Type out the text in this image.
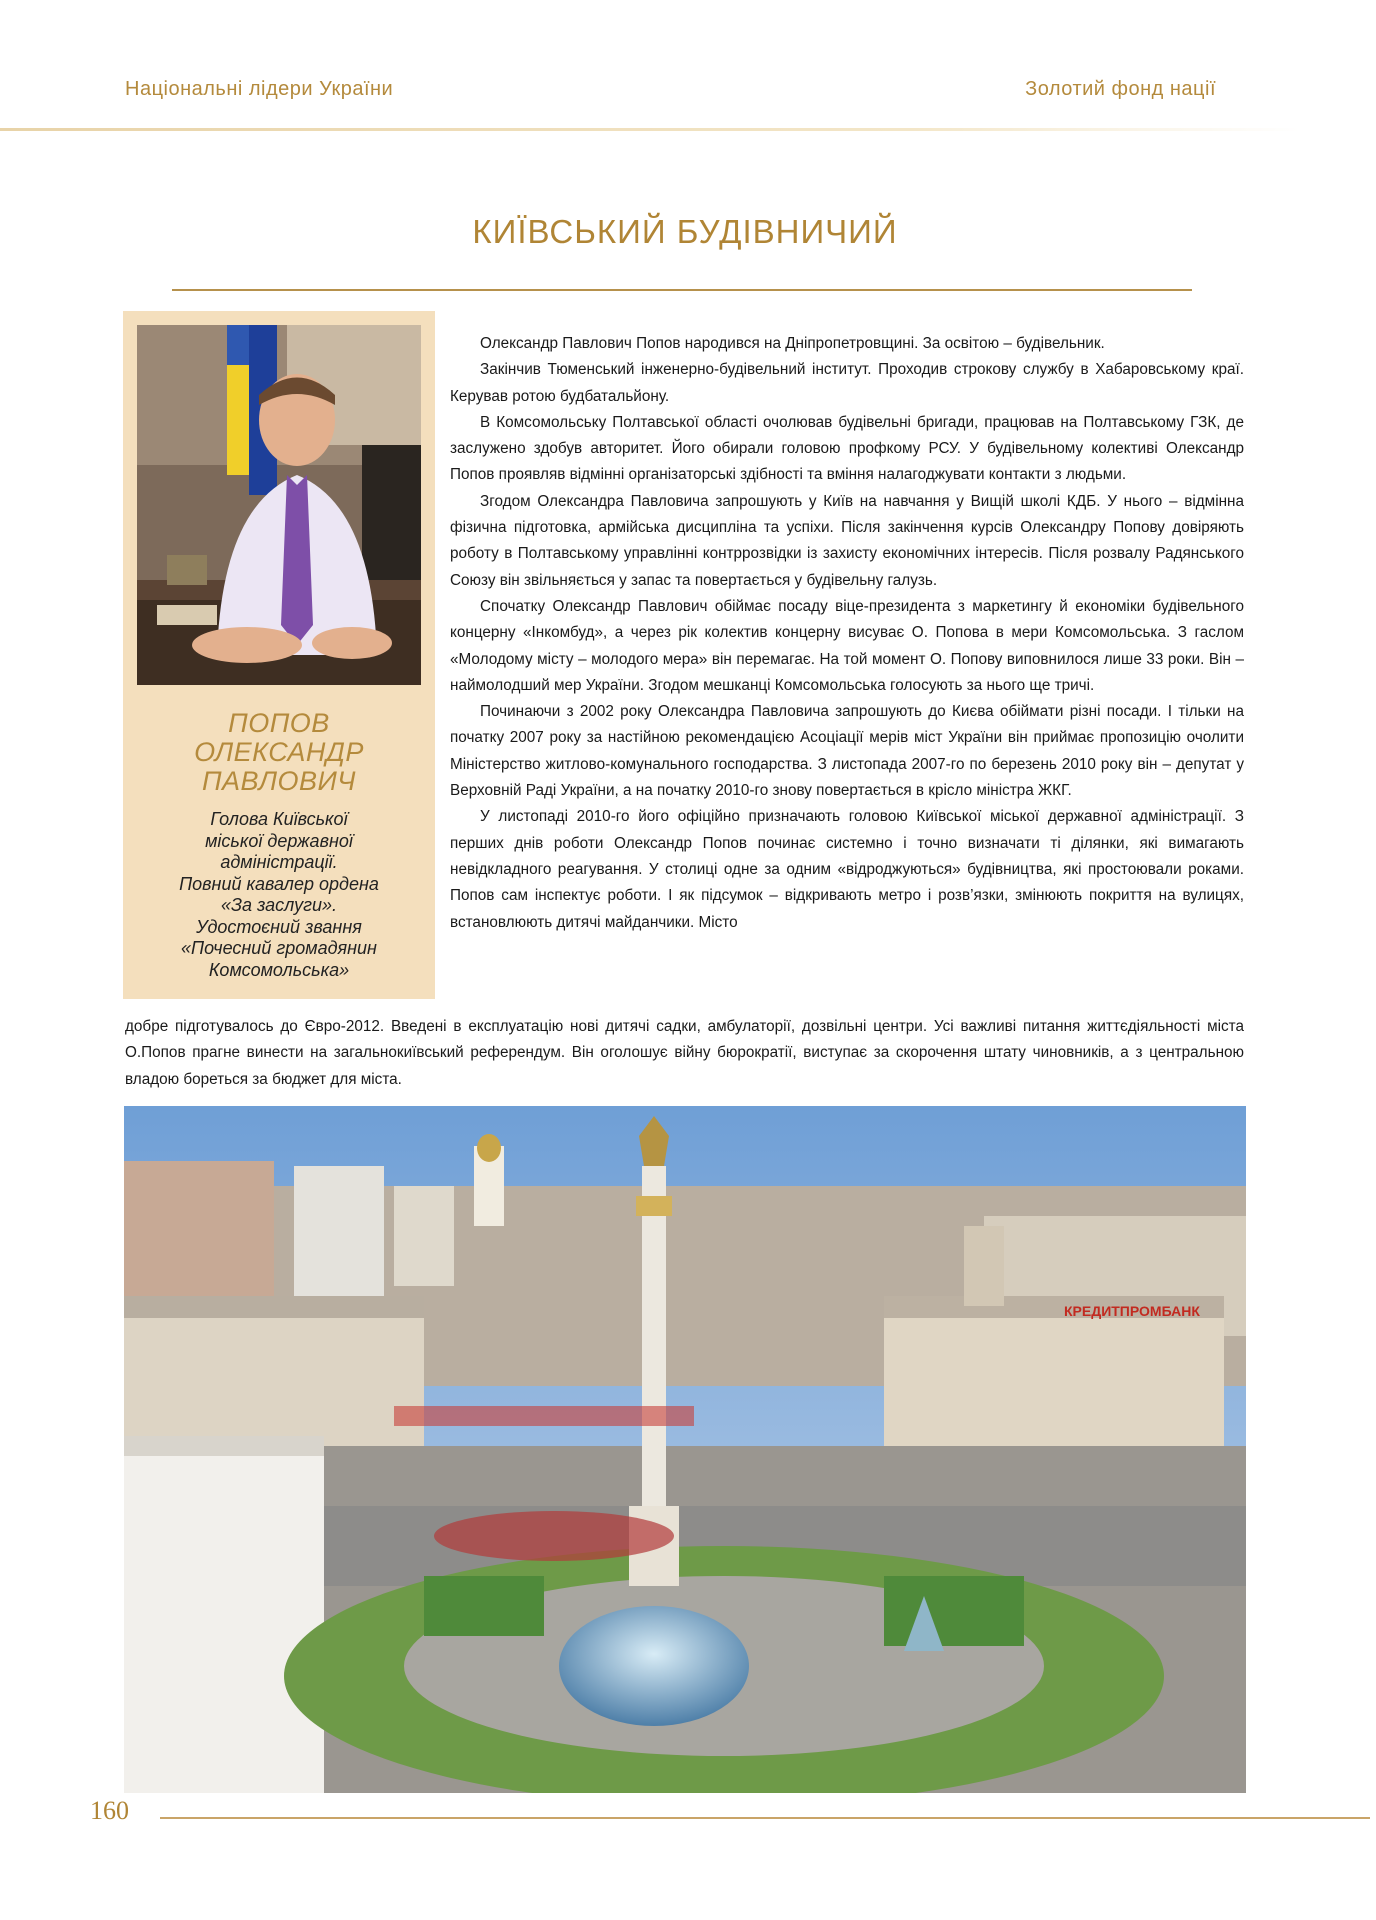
Національні лідери України	Золотий фонд нації
КИЇВСЬКИЙ БУДІВНИЧИЙ
ПОПОВ
ОЛЕКСАНДР
ПАВЛОВИЧ
Голова Київської
міської державної
адміністрації.
Повний кавалер ордена
«За заслуги».
Удостоєний звання
«Почесний громадянин
Комсомольська»

Олександр Павлович Попов народився на Дніпропетровщині. За освітою – будівельник.

Закінчив Тюменський інженерно-будівельний інститут. Проходив строкову службу в Хабаровському краї. Керував ротою будбатальйону.

В Комсомольську Полтавської області очолював будівельні бригади, працював на Полтавському ГЗК, де заслужено здобув авторитет. Його обирали головою профкому РСУ. У будівельному колективі Олександр Попов проявляв відмінні організаторські здібності та вміння налагоджувати контакти з людьми.

Згодом Олександра Павловича запрошують у Київ на навчання у Вищій школі КДБ. У нього – відмінна фізична підготовка, армійська дисципліна та успіхи. Після закінчення курсів Олександру Попову довіряють роботу в Полтавському управлінні контррозвідки із захисту економічних інтересів. Після розвалу Радянського Союзу він звільняється у запас та повертається у будівельну галузь.

Спочатку Олександр Павлович обіймає посаду віце-президента з маркетингу й економіки будівельного концерну «Інкомбуд», а через рік колектив концерну висуває О. Попова в мери Комсомольська. З гаслом «Молодому місту – молодого мера» він перемагає. На той момент О. Попову виповнилося лише 33 роки. Він – наймолодший мер України. Згодом мешканці Комсомольська голосують за нього ще тричі.

Починаючи з 2002 року Олександра Павловича запрошують до Києва обіймати різні посади. І тільки на початку 2007 року за настійною рекомендацією Асоціації мерів міст України він приймає пропозицію очолити Міністерство житлово-комунального господарства. З листопада 2007-го по березень 2010 року він – депутат у Верховній Раді України, а на початку 2010-го знову повертається в крісло міністра ЖКГ.

У листопаді 2010-го його офіційно призначають головою Київської міської державної адміністрації. З перших днів роботи Олександр Попов починає системно і точно визначати ті ділянки, які вимагають невідкладного реагування. У столиці одне за одним «відроджуються» будівництва, які простоювали роками. Попов сам інспектує роботи. І як підсумок – відкривають метро і розв’язки, змінюють покриття на вулицях, встановлюють дитячі майданчики. Місто

добре підготувалось до Євро-2012. Введені в експлуатацію нові дитячі садки, амбулаторії, дозвільні центри. Усі важливі питання життєдіяльності міста О.Попов прагне винести на загальнокиївський референдум. Він оголошує війну бюрократії, виступає за скорочення штату чиновників, а з центральною владою бореться за бюджет для міста.

КРЕДИТПРОМБАНК
160
